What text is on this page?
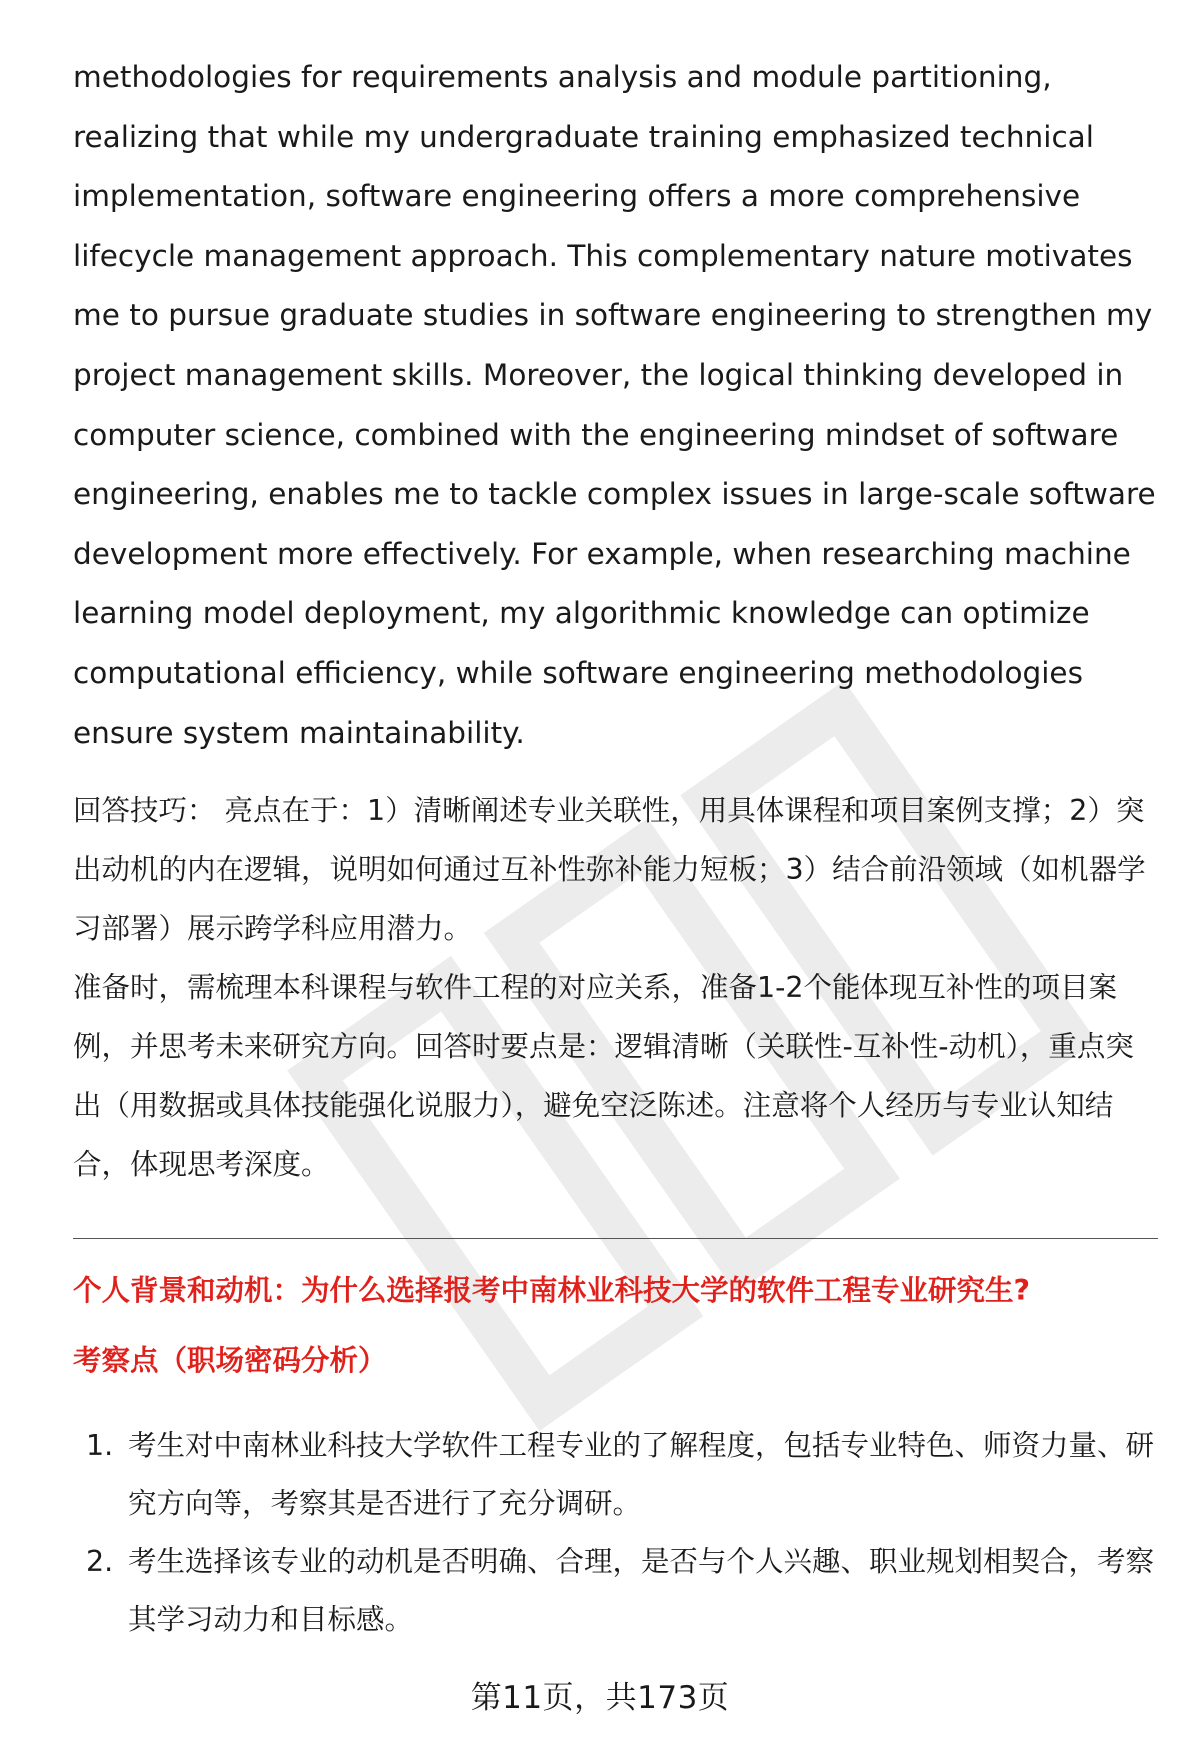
methodologies for requirements analysis and module partitioning, realizing that while my undergraduate training emphasized technical implementation, software engineering offers a more comprehensive lifecycle management approach. This complementary nature motivates me to pursue graduate studies in software engineering to strengthen my project management skills. Moreover, the logical thinking developed in computer science, combined with the engineering mindset of software engineering, enables me to tackle complex issues in large-scale software development more effectively. For example, when researching machine learning model deployment, my algorithmic knowledge can optimize computational efficiency, while software engineering methodologies ensure system maintainability.

回答技巧： 亮点在于：1）清晰阐述专业关联性，用具体课程和项目案例支撑；2）突出动机的内在逻辑，说明如何通过互补性弥补能力短板；3）结合前沿领域（如机器学习部署）展示跨学科应用潜力。

准备时，需梳理本科课程与软件工程的对应关系，准备1-2个能体现互补性的项目案例，并思考未来研究方向。回答时要点是：逻辑清晰（关联性-互补性-动机），重点突出（用数据或具体技能强化说服力），避免空泛陈述。注意将个人经历与专业认知结合，体现思考深度。

个人背景和动机：为什么选择报考中南林业科技大学的软件工程专业研究生?
考察点（职场密码分析）
1. 考生对中南林业科技大学软件工程专业的了解程度，包括专业特色、师资力量、研究方向等，考察其是否进行了充分调研。
2. 考生选择该专业的动机是否明确、合理，是否与个人兴趣、职业规划相契合，考察其学习动力和目标感。
第11页，共173页
